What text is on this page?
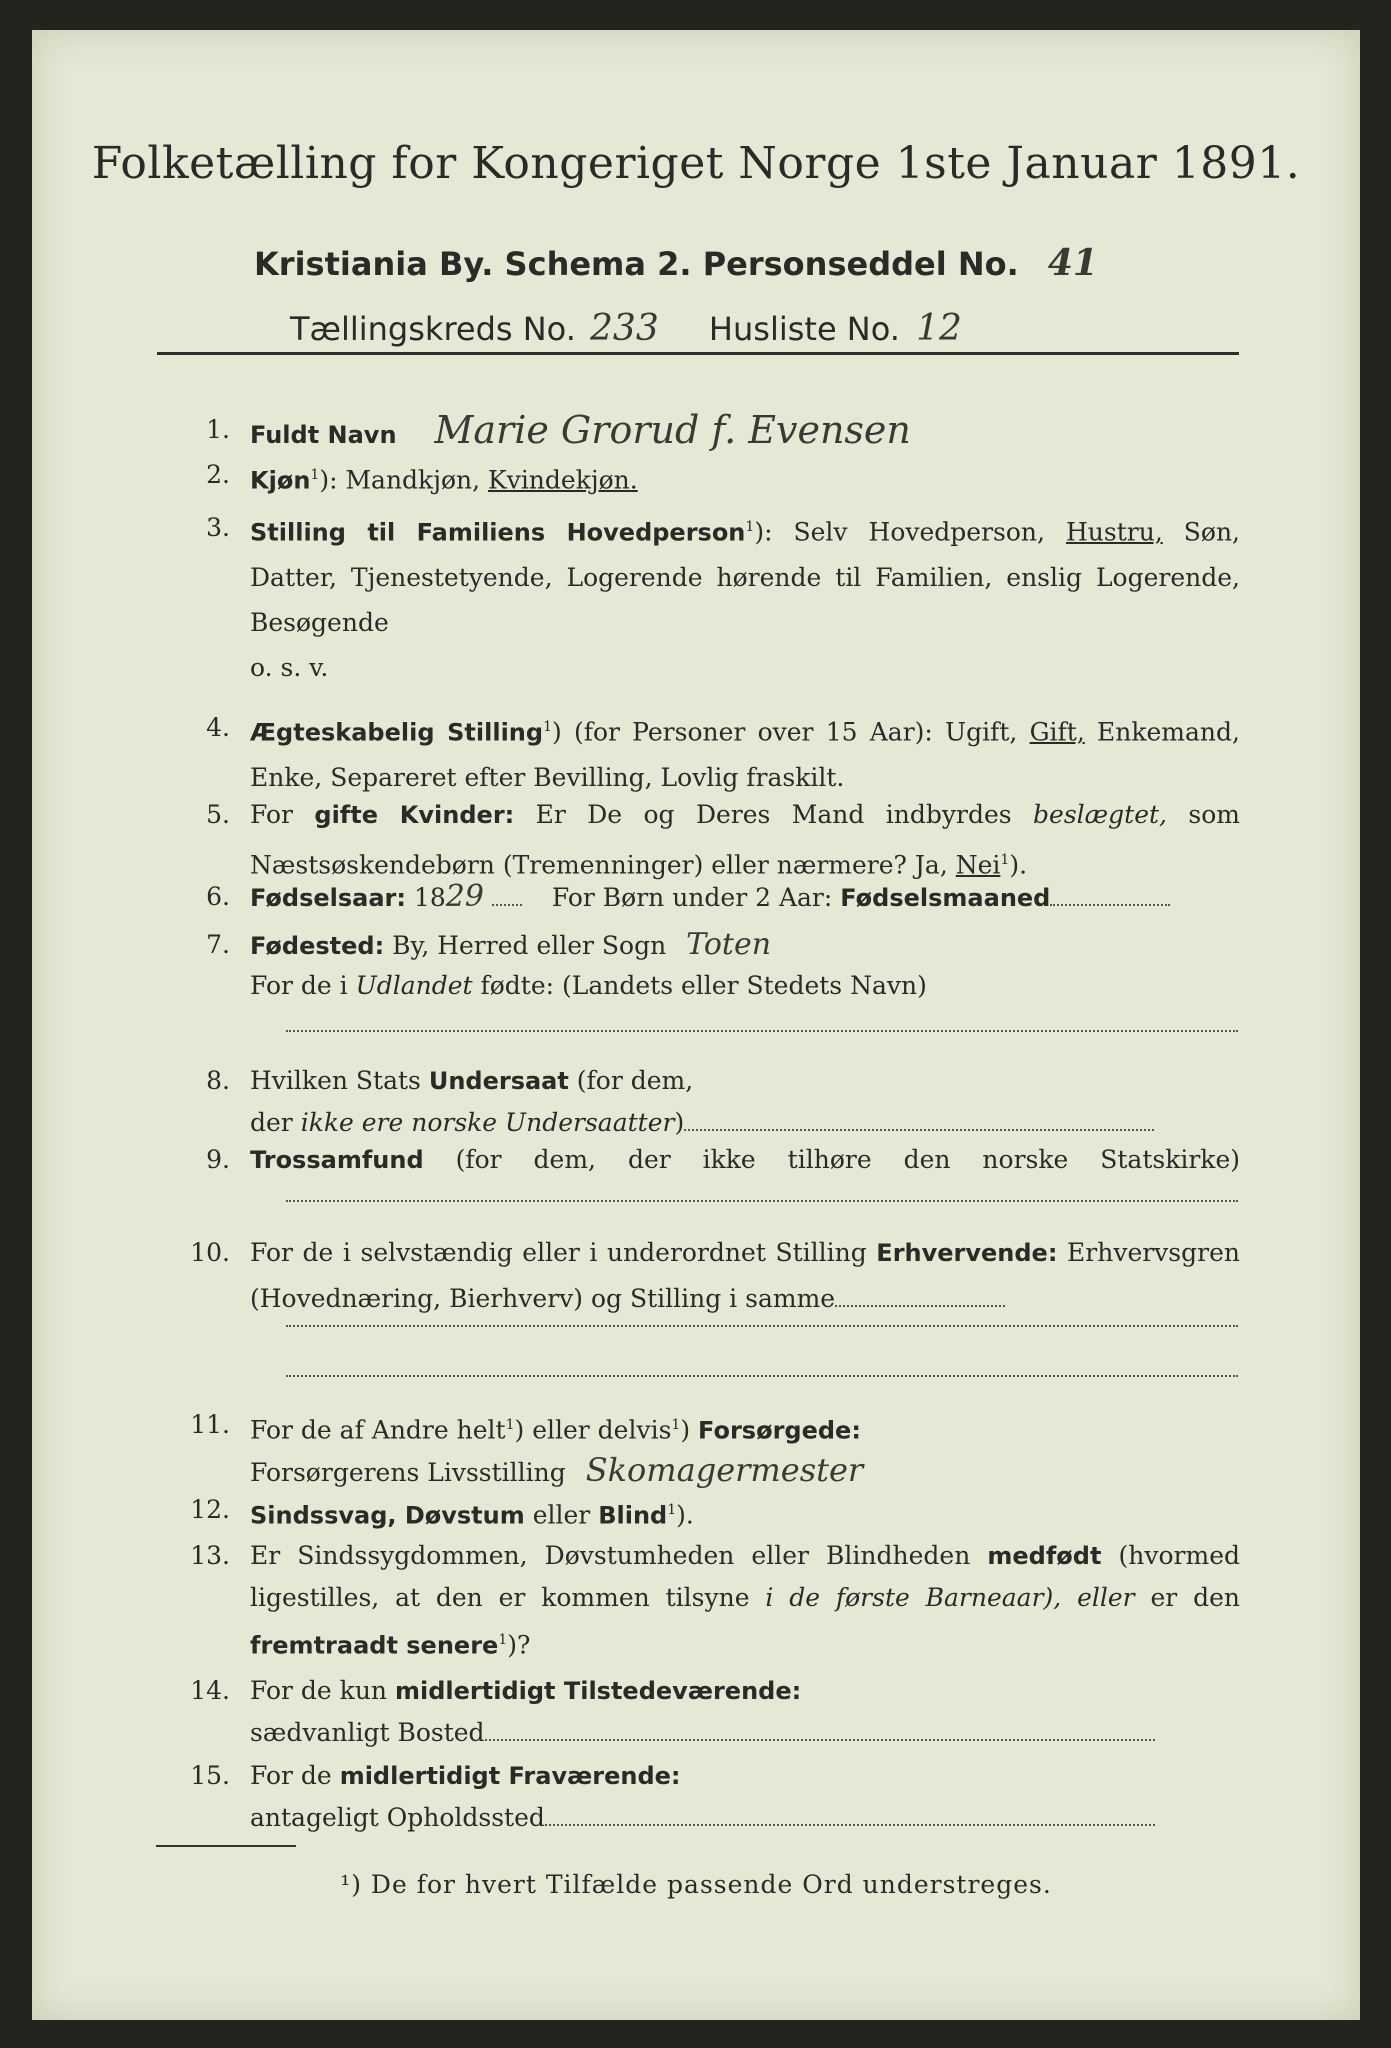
Folketælling for Kongeriget Norge 1ste Januar 1891.
Kristiania By. Schema 2. Personseddel No. 41
Tællingskreds No. 233 Husliste No. 12
1. Fuldt Navn Marie Grorud f. Evensen
2. Kjøn$^1$): Mandkjøn, Kvindekjøn.
3. Stilling til Familiens Hovedperson$^1$): Selv Hovedperson, Hustru, Søn, Datter, Tjenestetyende, Logerende hørende til Familien, enslig Logerende, Besøgende
o. s. v.
4. Ægteskabelig Stilling$^1$) (for Personer over 15 Aar): Ugift, Gift, Enkemand, Enke, Separeret efter Bevilling, Lovlig fraskilt.
5. For gifte Kvinder: Er De og Deres Mand indbyrdes beslægtet, som Næstsøskendebørn (Tremenninger) eller nærmere? Ja, Nei$^1$).
6. Fødselsaar: 1829	For Børn under 2 Aar: Fødselsmaaned
7. Fødested: By, Herred eller Sogn Toten
For de i Udlandet fødte: (Landets eller Stedets Navn)
8. Hvilken Stats Undersaat (for dem,
der ikke ere norske Undersaatter)
9. Trossamfund (for dem, der ikke tilhøre den norske Statskirke)
10. For de i selvstændig eller i underordnet Stilling Erhvervende: Erhvervsgren (Hovednæring, Bierhverv) og Stilling i samme
11. For de af Andre helt$^1$) eller delvis$^1$) Forsørgede:
Forsørgerens Livsstilling Skomagermester
12. Sindssvag, Døvstum eller Blind$^1$).
13. Er Sindssygdommen, Døvstumheden eller Blindheden medfødt (hvormed ligestilles, at den er kommen tilsyne i de første Barneaar), eller er den fremtraadt senere$^1$)?
14. For de kun midlertidigt Tilstedeværende:
sædvanligt Bosted
15. For de midlertidigt Fraværende:
antageligt Opholdssted
¹) De for hvert Tilfælde passende Ord understreges.
